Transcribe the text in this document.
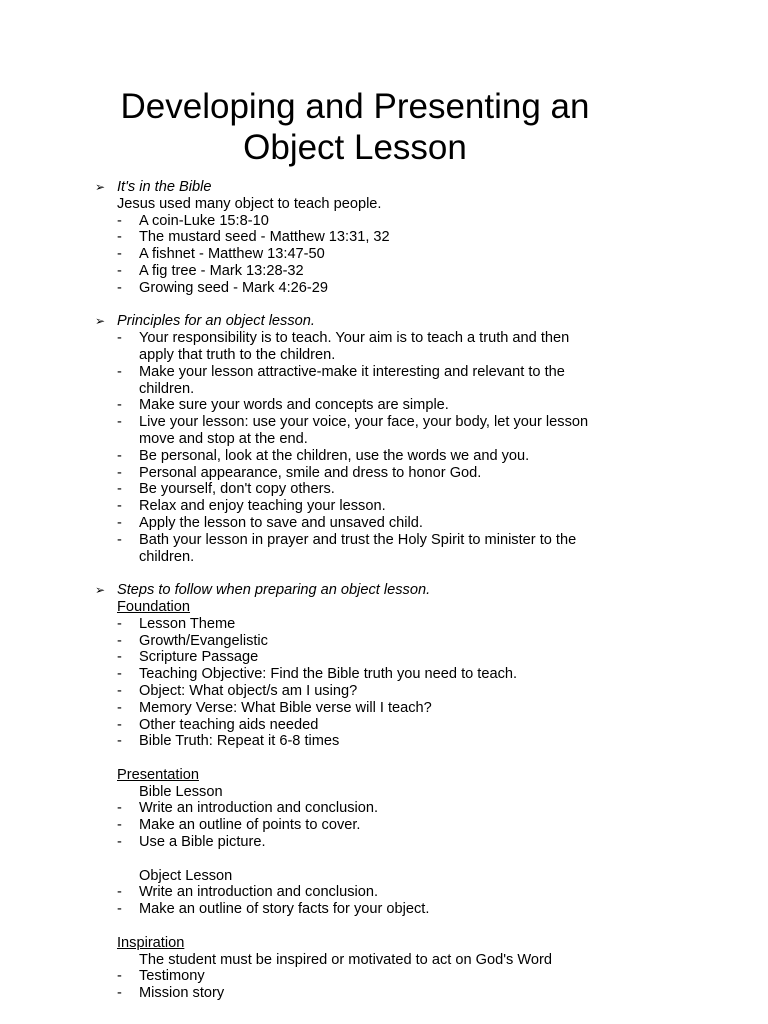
Developing and Presenting an
Object Lesson
➢ It's in the Bible
Jesus used many object to teach people.
- A coin-Luke 15:8-10
- The mustard seed - Matthew 13:31, 32
- A fishnet - Matthew 13:47-50
- A fig tree - Mark 13:28-32
- Growing seed - Mark 4:26-29
➢ Principles for an object lesson.
- Your responsibility is to teach. Your aim is to teach a truth and then
apply that truth to the children.
- Make your lesson attractive-make it interesting and relevant to the
children.
- Make sure your words and concepts are simple.
- Live your lesson: use your voice, your face, your body, let your lesson
move and stop at the end.
- Be personal, look at the children, use the words we and you.
- Personal appearance, smile and dress to honor God.
- Be yourself, don't copy others.
- Relax and enjoy teaching your lesson.
- Apply the lesson to save and unsaved child.
- Bath your lesson in prayer and trust the Holy Spirit to minister to the
children.
➢ Steps to follow when preparing an object lesson.
Foundation
- Lesson Theme
- Growth/Evangelistic
- Scripture Passage
- Teaching Objective: Find the Bible truth you need to teach.
- Object: What object/s am I using?
- Memory Verse: What Bible verse will I teach?
- Other teaching aids needed
- Bible Truth: Repeat it 6-8 times
Presentation
Bible Lesson
- Write an introduction and conclusion.
- Make an outline of points to cover.
- Use a Bible picture.
Object Lesson
- Write an introduction and conclusion.
- Make an outline of story facts for your object.
Inspiration
The student must be inspired or motivated to act on God's Word
- Testimony
- Mission story
